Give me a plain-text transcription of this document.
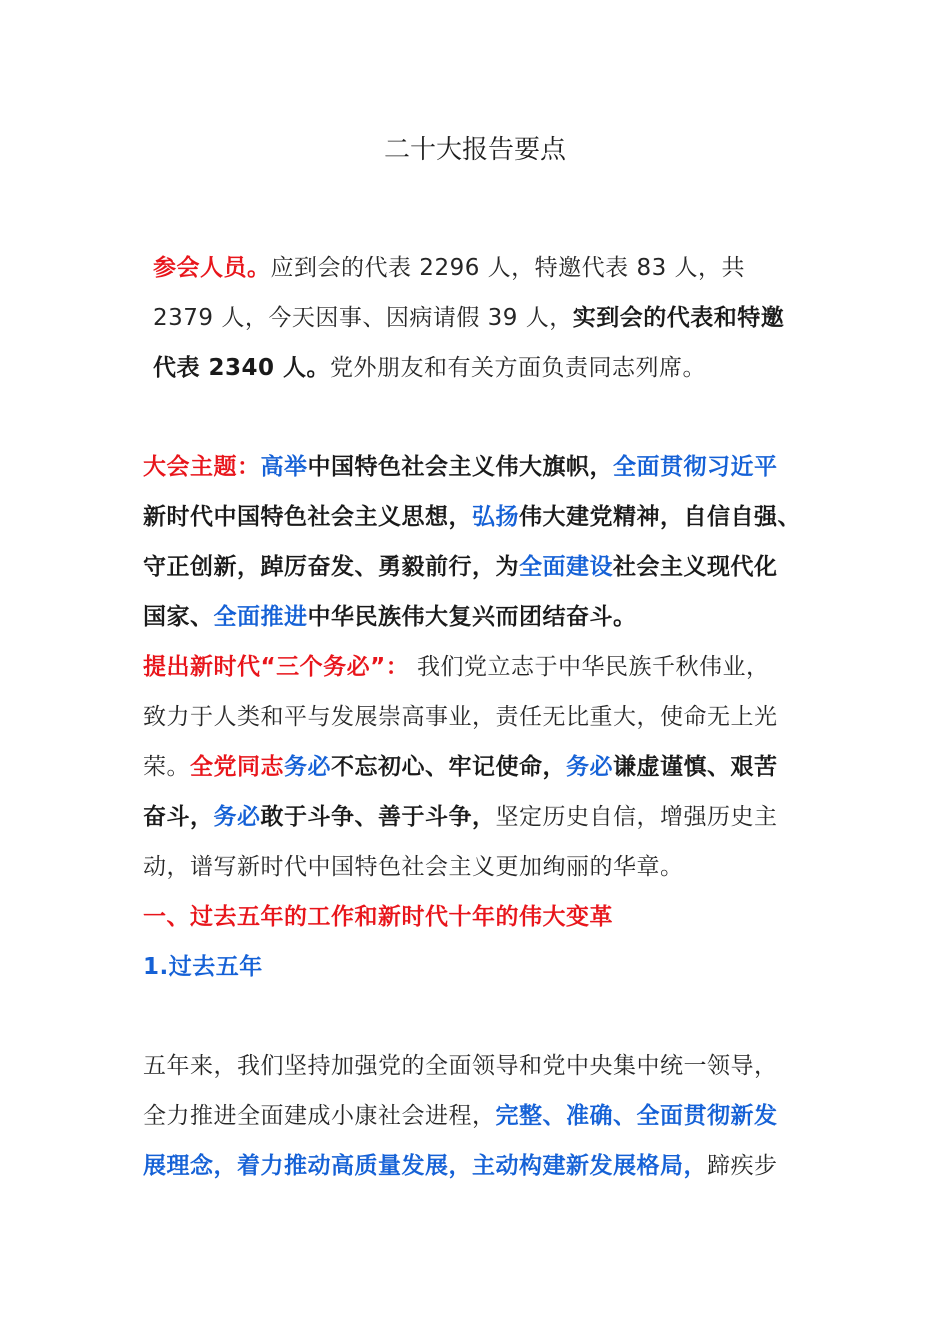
二十大报告要点
参会人员。应到会的代表 2296 人，特邀代表 83 人，共
2379 人，今天因事、因病请假 39 人，实到会的代表和特邀
代表 2340 人。党外朋友和有关方面负责同志列席。
大会主题：高举中国特色社会主义伟大旗帜，全面贯彻习近平
新时代中国特色社会主义思想，弘扬伟大建党精神，自信自强、
守正创新，踔厉奋发、勇毅前行，为全面建设社会主义现代化
国家、全面推进中华民族伟大复兴而团结奋斗。
提出新时代“三个务必”： 我们党立志于中华民族千秋伟业，
致力于人类和平与发展崇高事业，责任无比重大，使命无上光
荣。全党同志务必不忘初心、牢记使命，务必谦虚谨慎、艰苦
奋斗，务必敢于斗争、善于斗争，坚定历史自信，增强历史主
动，谱写新时代中国特色社会主义更加绚丽的华章。
一、过去五年的工作和新时代十年的伟大变革
1.过去五年
五年来，我们坚持加强党的全面领导和党中央集中统一领导，
全力推进全面建成小康社会进程，完整、准确、全面贯彻新发
展理念，着力推动高质量发展，主动构建新发展格局，蹄疾步
